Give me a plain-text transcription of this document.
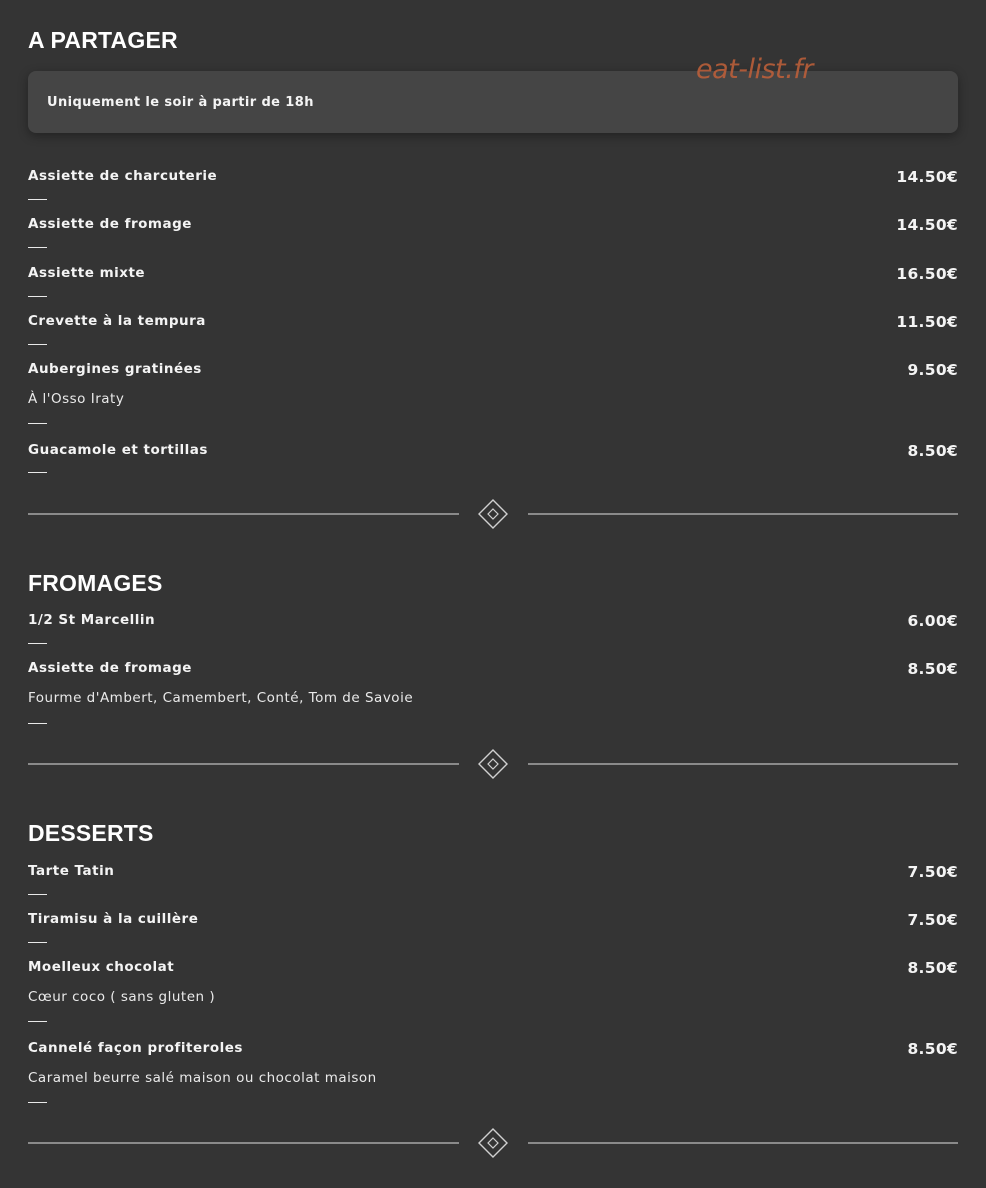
A PARTAGER
Uniquement le soir à partir de 18h
eat-list.fr
Assiette de charcuterie	14.50€
Assiette de fromage	14.50€
Assiette mixte	16.50€
Crevette à la tempura	11.50€
Aubergines gratinées	9.50€
À l'Osso Iraty
Guacamole et tortillas	8.50€
FROMAGES
1/2 St Marcellin	6.00€
Assiette de fromage	8.50€
Fourme d'Ambert, Camembert, Conté, Tom de Savoie
DESSERTS
Tarte Tatin	7.50€
Tiramisu à la cuillère	7.50€
Moelleux chocolat	8.50€
Cœur coco ( sans gluten )
Cannelé façon profiteroles	8.50€
Caramel beurre salé maison ou chocolat maison
